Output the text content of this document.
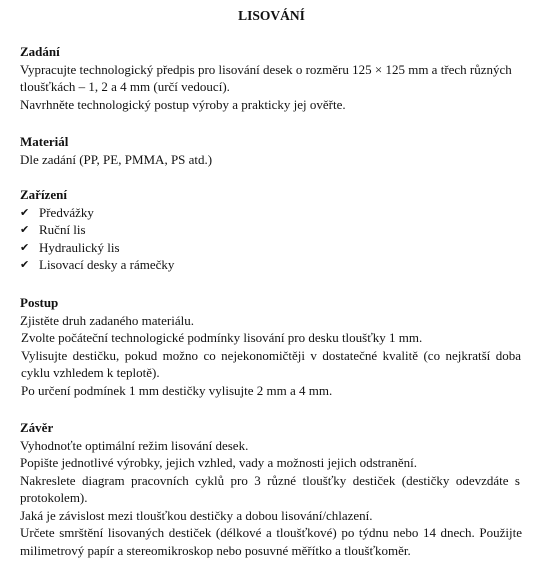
LISOVÁNÍ

Zadání

Vypracujte technologický předpis pro lisování desek o rozměru 125 × 125 mm a třech různých tloušťkách – 1, 2 a 4 mm (určí vedoucí).

Navrhněte technologický postup výroby a prakticky jej ověřte.

Materiál

Dle zadání (PP, PE, PMMA, PS atd.)

Zařízení

✔ Předvážky
✔ Ruční lis
✔ Hydraulický lis
✔ Lisovací desky a rámečky

Postup

Zjistěte druh zadaného materiálu.

Zvolte počáteční technologické podmínky lisování pro desku tloušťky 1 mm.

Vylisujte destičku, pokud možno co nejekonomičtěji v dostatečné kvalitě (co nejkratší doba cyklu vzhledem k teplotě).

Po určení podmínek 1 mm destičky vylisujte 2 mm a 4 mm.

Závěr

Vyhodnoťte optimální režim lisování desek.

Popište jednotlivé výrobky, jejich vzhled, vady a možnosti jejich odstranění.

Nakreslete diagram pracovních cyklů pro 3 různé tloušťky destiček (destičky odevzdáte s protokolem).

Jaká je závislost mezi tloušťkou destičky a dobou lisování/chlazení.

Určete smrštění lisovaných destiček (délkové a tloušťkové) po týdnu nebo 14 dnech. Použijte milimetrový papír a stereomikroskop nebo posuvné měřítko a tloušťkoměr.
